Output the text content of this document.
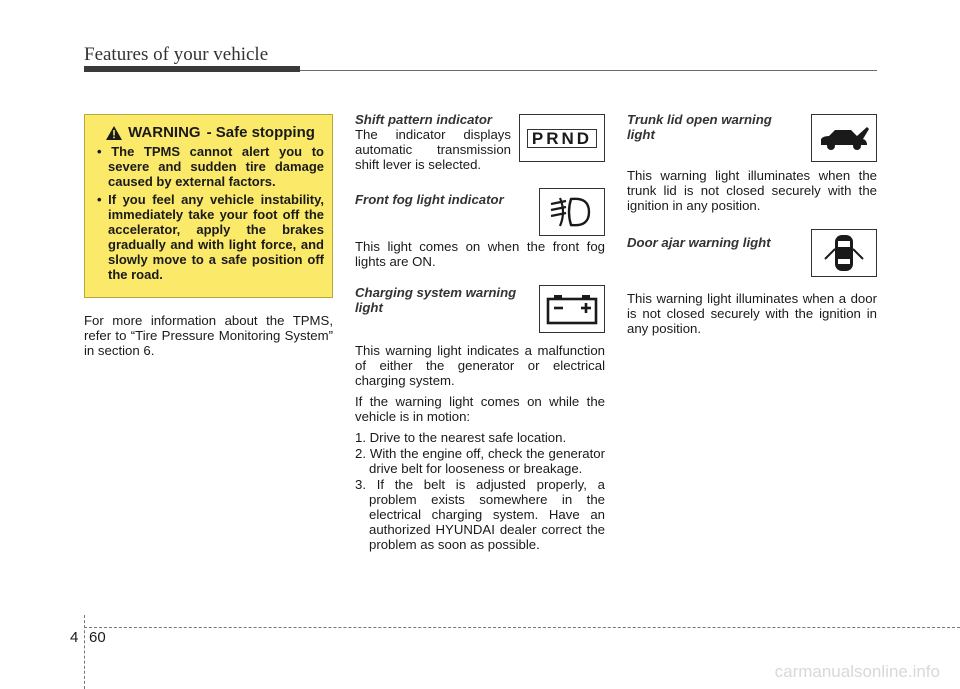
Features of your vehicle
WARNING - Safe stopping
• The TPMS cannot alert you to severe and sudden tire damage caused by external factors.
• If you feel any vehicle instability, immediately take your foot off the accelerator, apply the brakes gradually and with light force, and slowly move to a safe position off the road.

For more information about the TPMS, refer to “Tire Pressure Monitoring System” in section 6.

Shift pattern indicator

The indicator displays automatic transmission shift lever is selected.

PRND
Front fog light indicator

This light comes on when the front fog lights are ON.

Charging system warning light

This warning light indicates a malfunction of either the generator or electrical charging system.

If the warning light comes on while the vehicle is in motion:

1. Drive to the nearest safe location.
2. With the engine off, check the generator drive belt for looseness or breakage.
3. If the belt is adjusted properly, a problem exists somewhere in the electrical charging system. Have an authorized HYUNDAI dealer correct the problem as soon as possible.
Trunk lid open warning light

This warning light illuminates when the trunk lid is not closed securely with the ignition in any position.

Door ajar warning light

This warning light illuminates when a door is not closed securely with the ignition in any position.

4 60
carmanualsonline.info
